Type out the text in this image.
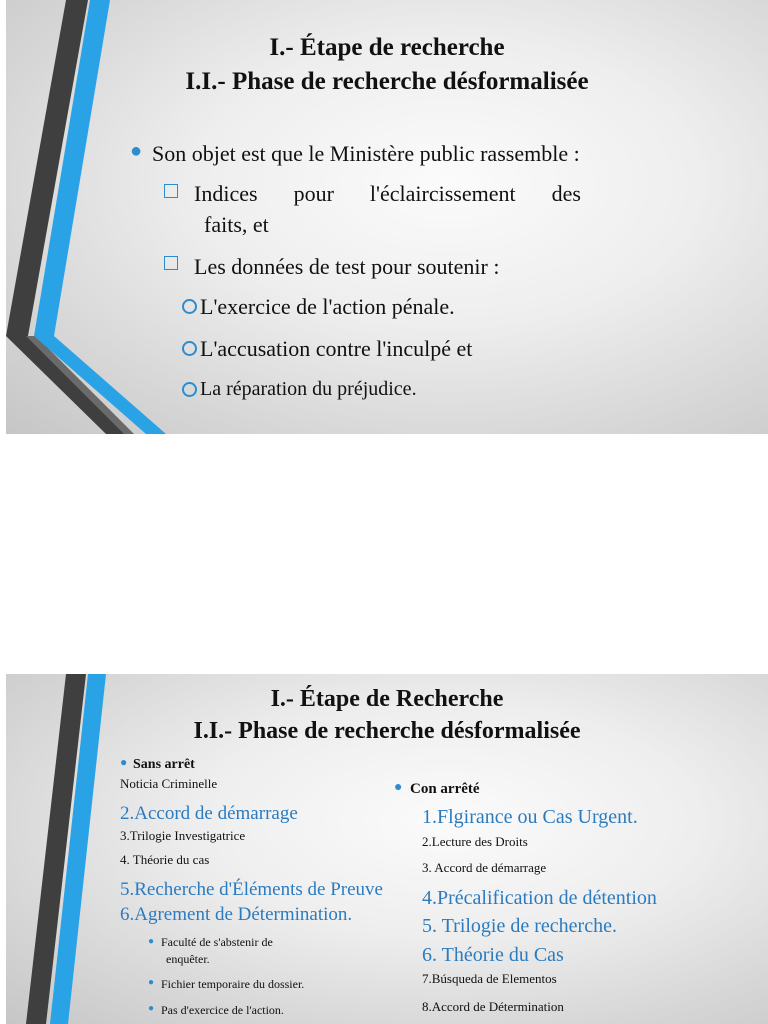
I.- Étape de recherche
I.I.- Phase de recherche désformalisée
● Son objet est que le Ministère public rassemble :
Indices pour l'éclaircissement des
faits, et
Les données de test pour soutenir :
L'exercice de l'action pénale.
L'accusation contre l'inculpé et
La réparation du préjudice.
I.- Étape de Recherche
I.I.- Phase de recherche désformalisée
● Sans arrêt
Noticia Criminelle
2.Accord de démarrage
3.Trilogie Investigatrice
4. Théorie du cas
5.Recherche d'Éléments de Preuve
6.Agrement de Détermination.
● Faculté de s'abstenir de
enquêter.
● Fichier temporaire du dossier.
● Pas d'exercice de l'action.
● Con arrêté
1.Flgirance ou Cas Urgent.
2.Lecture des Droits
3. Accord de démarrage
4.Précalification de détention
5. Trilogie de recherche.
6. Théorie du Cas
7.Búsqueda de Elementos
8.Accord de Détermination
